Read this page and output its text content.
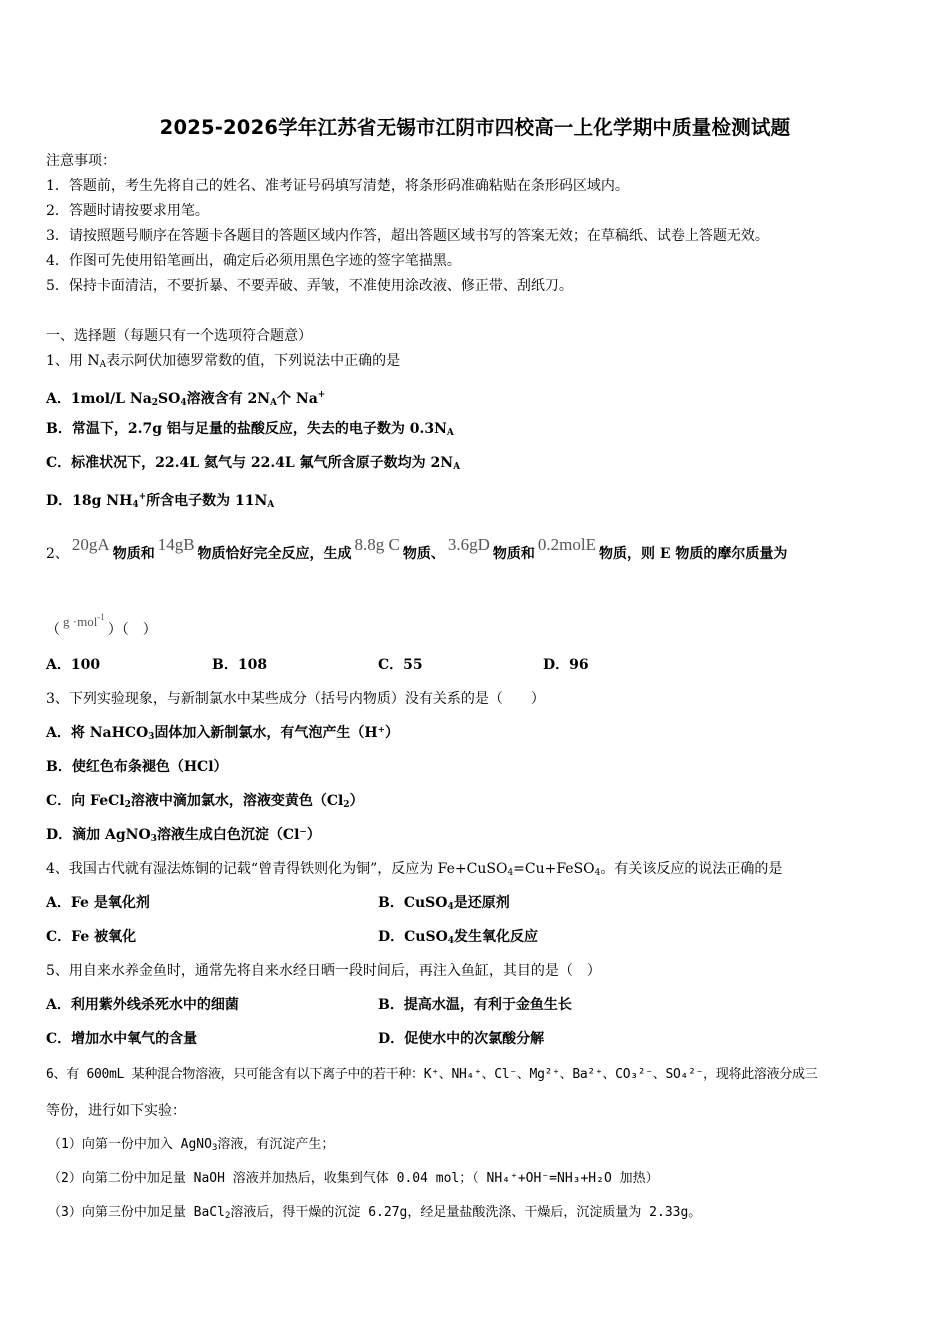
2025-2026学年江苏省无锡市江阴市四校高一上化学期中质量检测试题
注意事项：
1．答题前，考生先将自己的姓名、准考证号码填写清楚，将条形码准确粘贴在条形码区域内。
2．答题时请按要求用笔。
3．请按照题号顺序在答题卡各题目的答题区域内作答，超出答题区域书写的答案无效；在草稿纸、试卷上答题无效。
4．作图可先使用铅笔画出，确定后必须用黑色字迹的签字笔描黑。
5．保持卡面清洁，不要折暴、不要弄破、弄皱，不准使用涂改液、修正带、刮纸刀。
一、选择题（每题只有一个选项符合题意）
1、用 $N_A$表示阿伏加德罗常数的值，下列说法中正确的是
A．1mol/L $Na_2SO_4$溶液含有 $2N_A$个 Na+
B．常温下，2.7g 铝与足量的盐酸反应，失去的电子数为 $0.3N_A$
C．标准状况下，22.4L 氦气与 22.4L 氟气所含原子数均为 $2N_A$
D．18g $NH_4^+$所含电子数为 $11N_A$
2、 20gA 物质和 14gB 物质恰好完全反应，生成 8.8g C 物质、 3.6gD 物质和 0.2molE 物质，则 E 物质的摩尔质量为
（g ·mol$^{-1}$）（　）
A．100	B．108	C．55	D．96
3、下列实验现象，与新制氯水中某些成分（括号内物质）没有关系的是（　　）
A．将 NaHCO$_3$固体加入新制氯水，有气泡产生（H⁺）
B．使红色布条褪色（HCl）
C．向 FeCl$_2$溶液中滴加氯水，溶液变黄色$(Cl_2)$
D．滴加 AgNO$_3$溶液生成白色沉淀（Cl⁻）
4、我国古代就有湿法炼铜的记载“曾青得铁则化为铜”，反应为 Fe+CuSO$_4$=Cu+FeSO$_4$。有关该反应的说法正确的是
A．Fe 是氧化剂	B．CuSO$_4$是还原剂
C．Fe 被氧化	D．CuSO$_4$发生氧化反应
5、用自来水养金鱼时，通常先将自来水经日晒一段时间后，再注入鱼缸，其目的是（　）
A．利用紫外线杀死水中的细菌	B．提高水温，有利于金鱼生长
C．增加水中氧气的含量	D．促使水中的次氯酸分解
6、有 600mL 某种混合物溶液，只可能含有以下离子中的若干种：K⁺、NH₄⁺、Cl⁻、Mg²⁺、Ba²⁺、CO₃²⁻、SO₄²⁻，现将此溶液分成三
等份，进行如下实验：
（1）向第一份中加入 AgNO$_3$溶液，有沉淀产生；
（2）向第二份中加足量 NaOH 溶液并加热后，收集到气体 0.04 mol；（ NH₄⁺+OH⁻=NH₃+H₂O 加热）
（3）向第三份中加足量 BaCl$_2$溶液后，得干燥的沉淀 6.27g，经足量盐酸洗涤、干燥后，沉淀质量为 2.33g。
